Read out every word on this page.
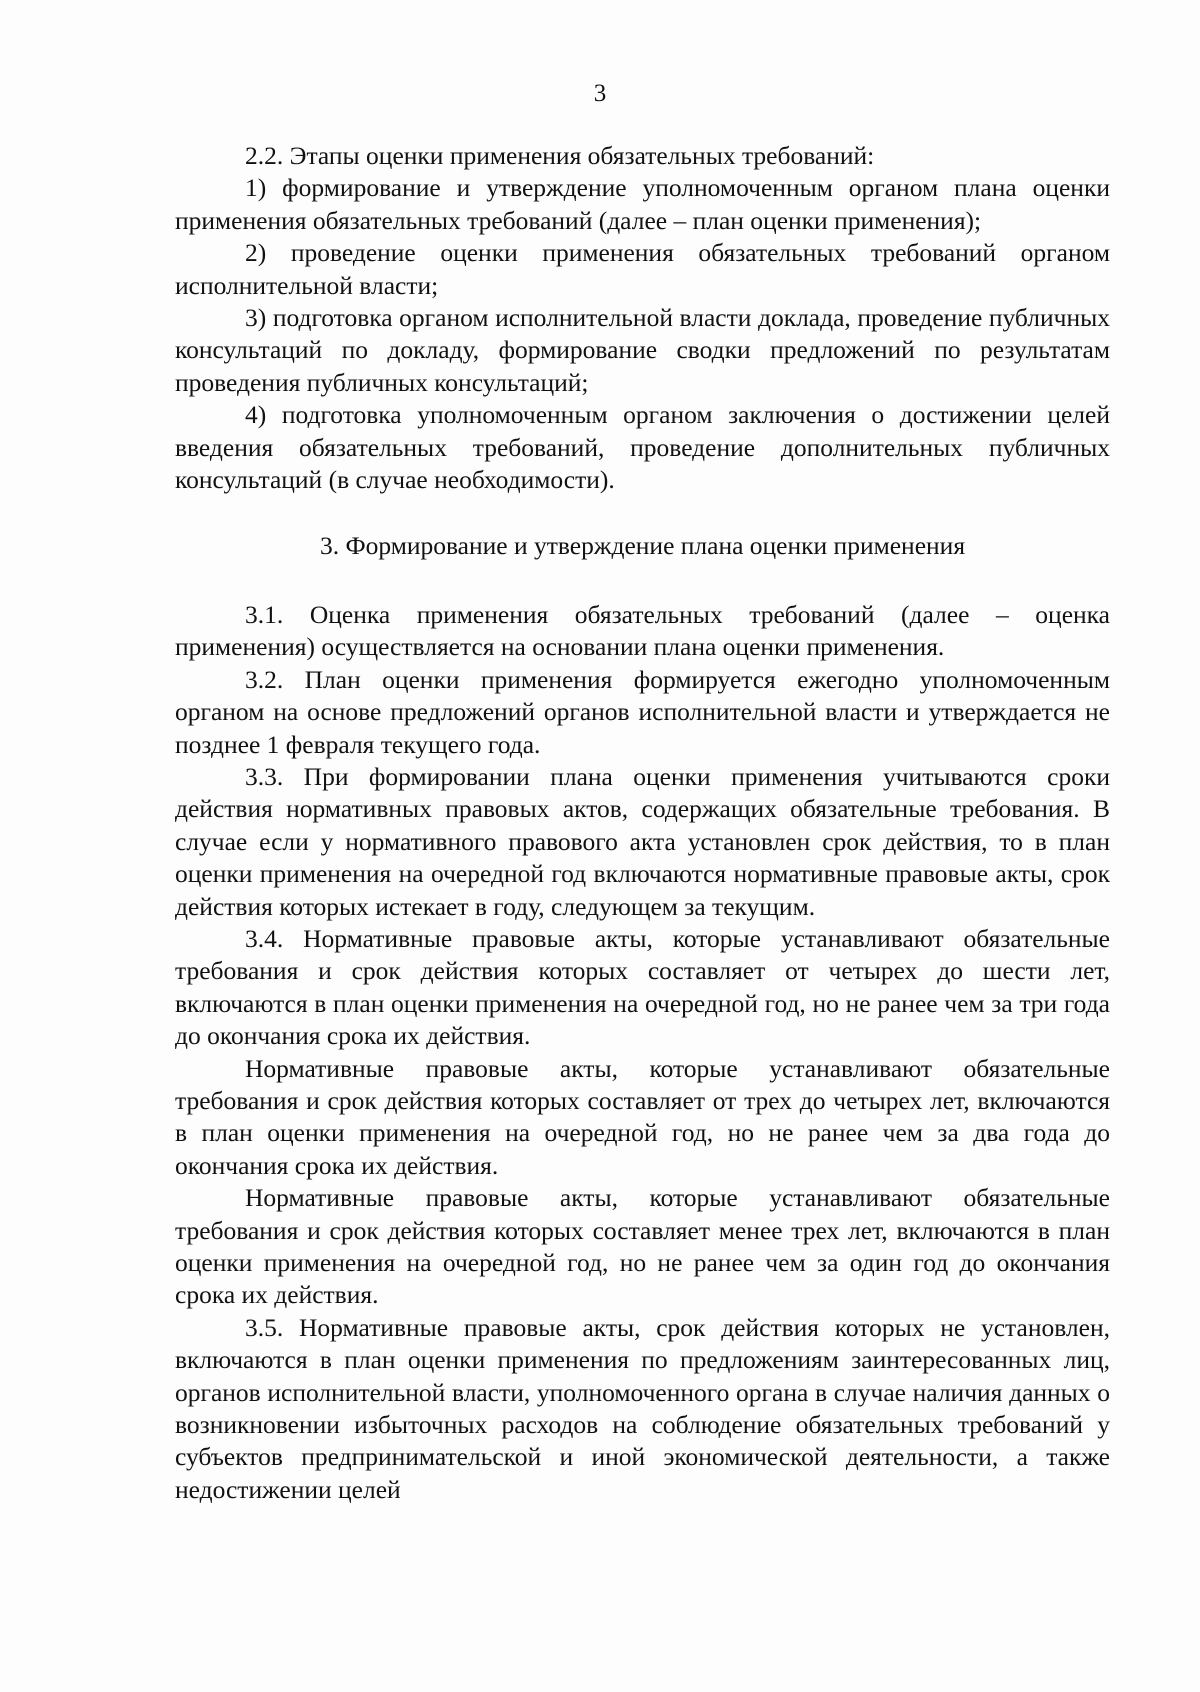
3

2.2. Этапы оценки применения обязательных требований:

1) формирование и утверждение уполномоченным органом плана оценки применения обязательных требований (далее – план оценки применения);

2) проведение оценки применения обязательных требований органом исполнительной власти;

3) подготовка органом исполнительной власти доклада, проведение публичных консультаций по докладу, формирование сводки предложений по результатам проведения публичных консультаций;

4) подготовка уполномоченным органом заключения о достижении целей введения обязательных требований, проведение дополнительных публичных консультаций (в случае необходимости).

3. Формирование и утверждение плана оценки применения

3.1. Оценка применения обязательных требований (далее – оценка применения) осуществляется на основании плана оценки применения.

3.2. План оценки применения формируется ежегодно уполномоченным органом на основе предложений органов исполнительной власти и утверждается не позднее 1 февраля текущего года.

3.3. При формировании плана оценки применения учитываются сроки действия нормативных правовых актов, содержащих обязательные требования. В случае если у нормативного правового акта установлен срок действия, то в план оценки применения на очередной год включаются нормативные правовые акты, срок действия которых истекает в году, следующем за текущим.

3.4. Нормативные правовые акты, которые устанавливают обязательные требования и срок действия которых составляет от четырех до шести лет, включаются в план оценки применения на очередной год, но не ранее чем за три года до окончания срока их действия.

Нормативные правовые акты, которые устанавливают обязательные требования и срок действия которых составляет от трех до четырех лет, включаются в план оценки применения на очередной год, но не ранее чем за два года до окончания срока их действия.

Нормативные правовые акты, которые устанавливают обязательные требования и срок действия которых составляет менее трех лет, включаются в план оценки применения на очередной год, но не ранее чем за один год до окончания срока их действия.

3.5. Нормативные правовые акты, срок действия которых не установлен, включаются в план оценки применения по предложениям заинтересованных лиц, органов исполнительной власти, уполномоченного органа в случае наличия данных о возникновении избыточных расходов на соблюдение обязательных требований у субъектов предпринимательской и иной экономической деятельности, а также недостижении целей
